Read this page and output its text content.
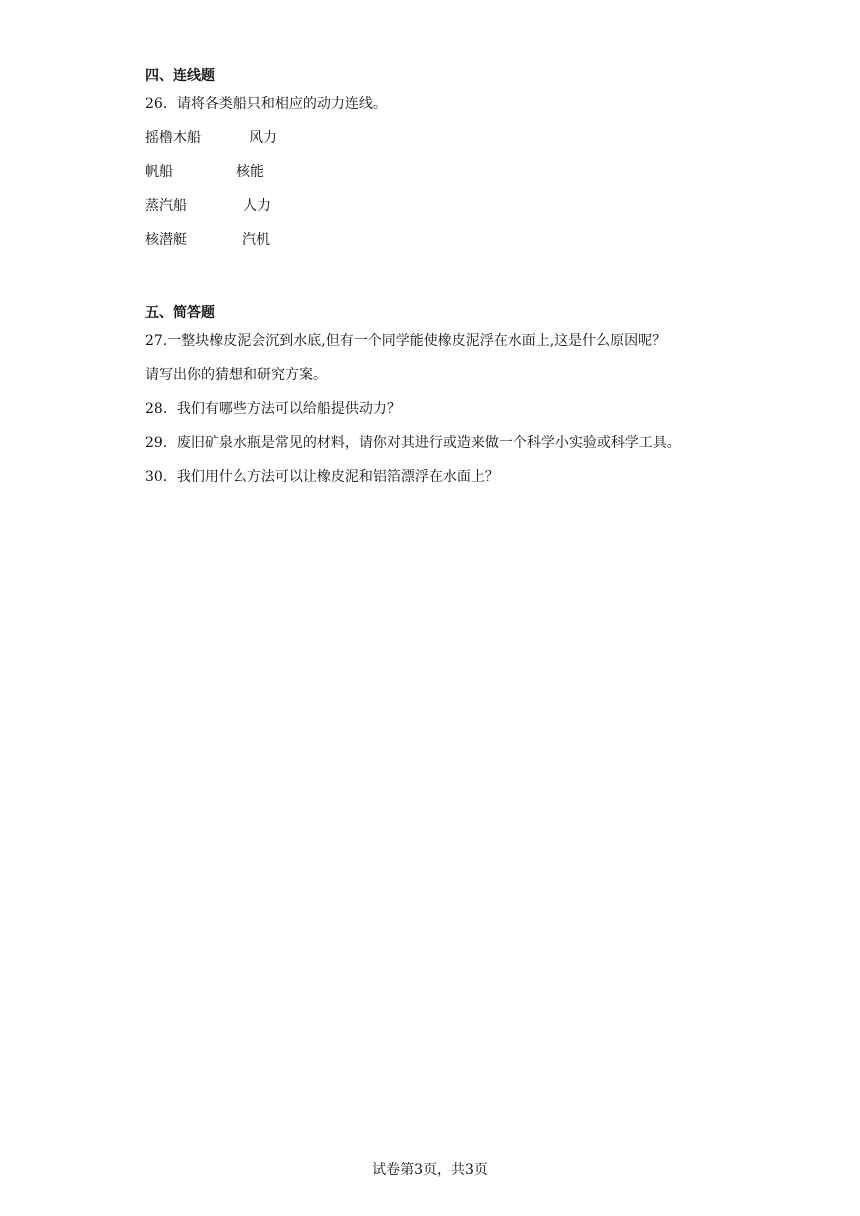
四、连线题
26．请将各类船只和相应的动力连线。
摇橹木船	风力
帆船	核能
蒸汽船	人力
核潜艇	汽机
五、简答题
27.一整块橡皮泥会沉到水底,但有一个同学能使橡皮泥浮在水面上,这是什么原因呢？
请写出你的猜想和研究方案。
28．我们有哪些方法可以给船提供动力？
29．废旧矿泉水瓶是常见的材料，请你对其进行或造来做一个科学小实验或科学工具。
30．我们用什么方法可以让橡皮泥和铝箔漂浮在水面上？
试卷第3页，共3页
